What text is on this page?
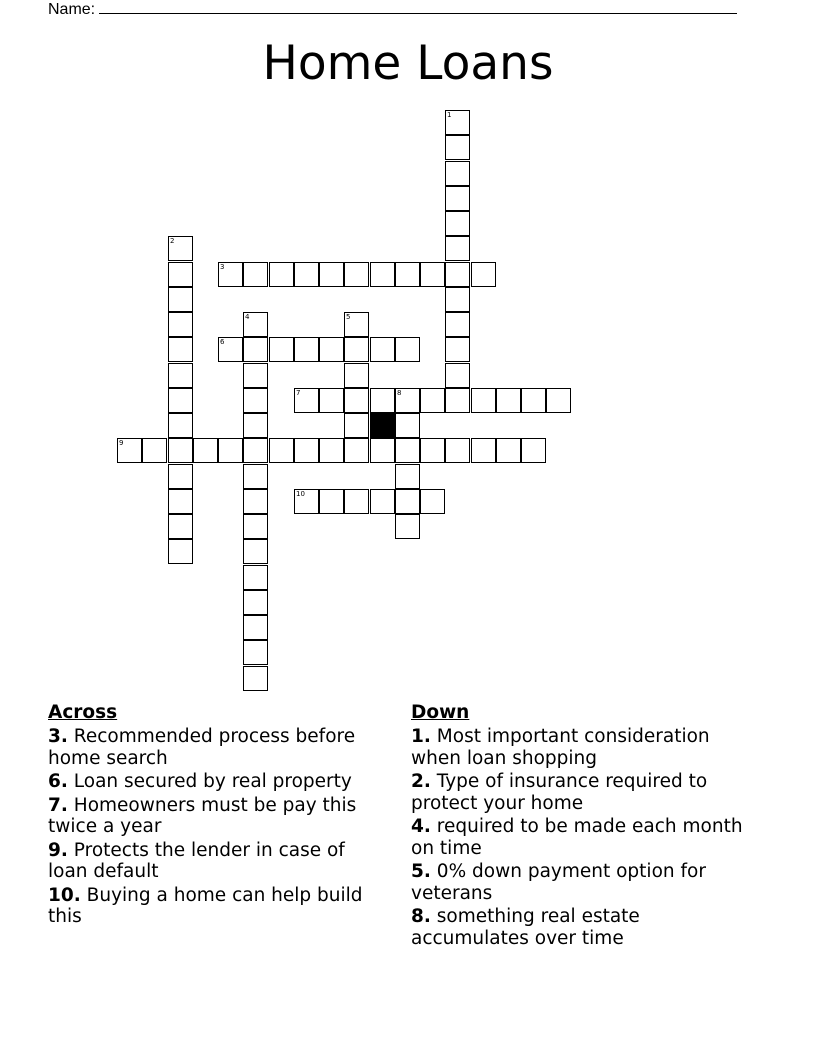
Name:
Home Loans
1
2
3
4	5
6
7	8
9
10
Across
3. Recommended process before home search
6. Loan secured by real property
7. Homeowners must be pay this twice a year
9. Protects the lender in case of loan default
10. Buying a home can help build this
Down
1. Most important consideration when loan shopping
2. Type of insurance required to protect your home
4. required to be made each month on time
5. 0% down payment option for veterans
8. something real estate accumulates over time
